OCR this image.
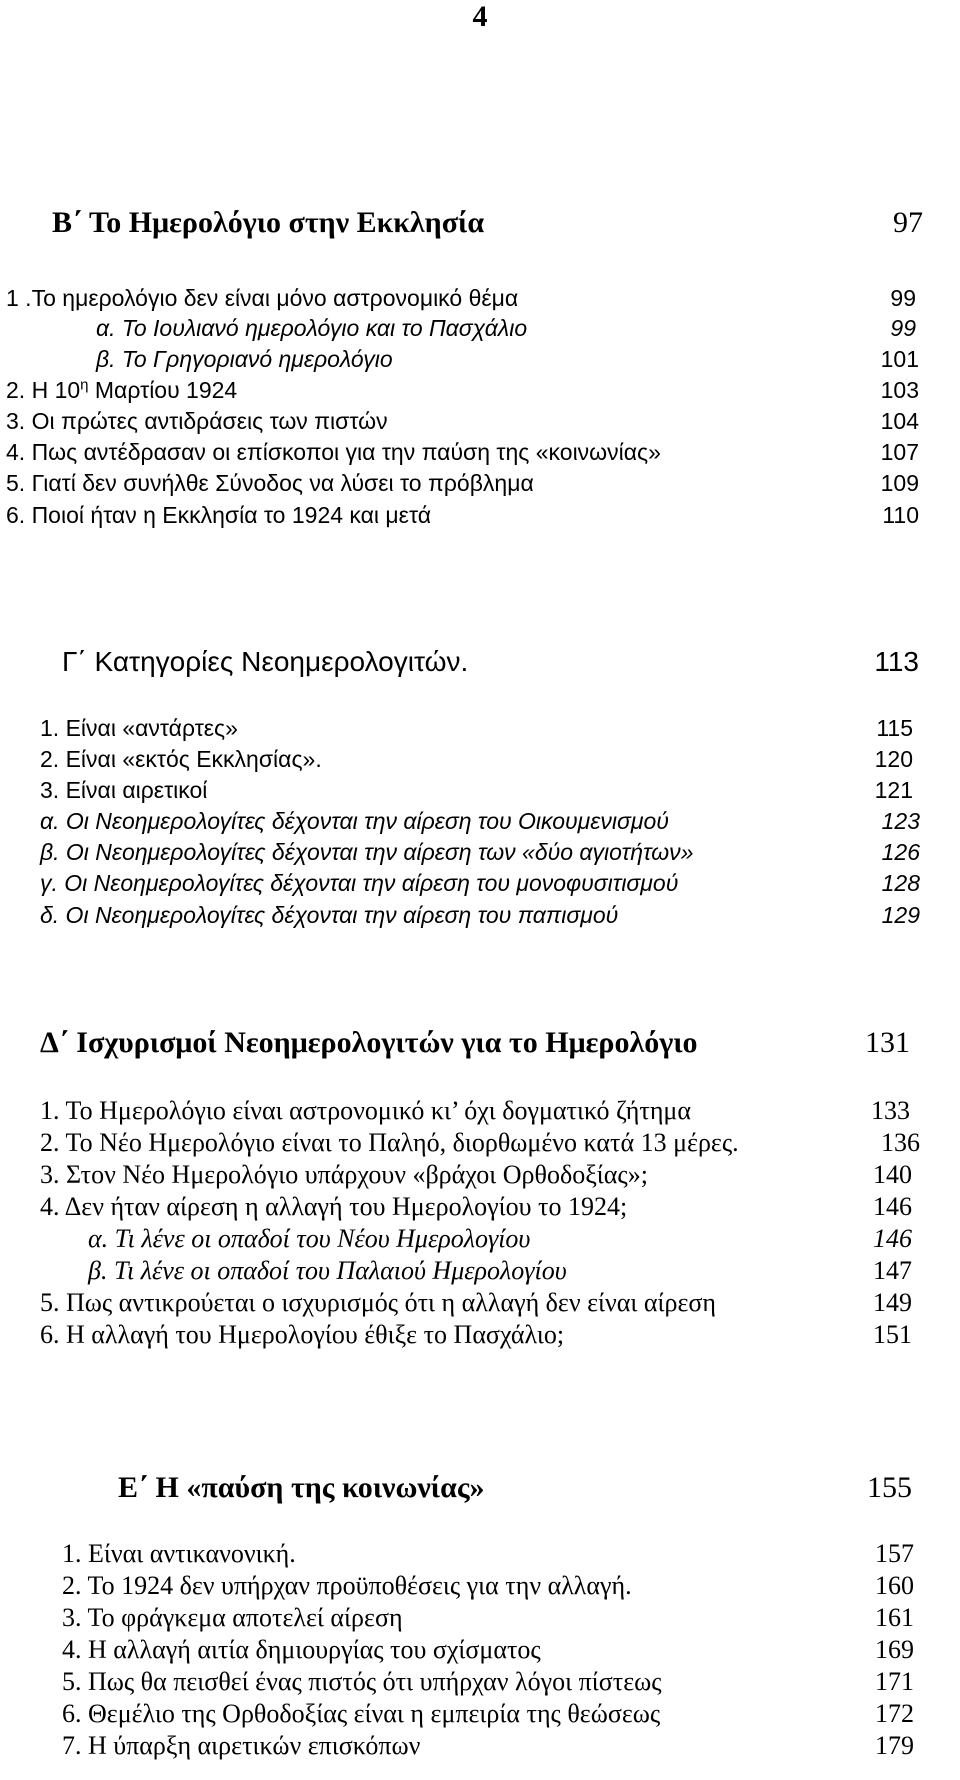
4
Β΄ Το Ημερολόγιο στην Εκκλησία	97
1 .Το ημερολόγιο δεν είναι μόνο αστρονομικό θέμα	99
α. Το Ιουλιανό ημερολόγιο και το Πασχάλιο	99
β. Το Γρηγοριανό ημερολόγιο	101
2. Η $10^\eta$ Μαρτίου 1924	103
3. Οι πρώτες αντιδράσεις των πιστών	104
4. Πως αντέδρασαν οι επίσκοποι για την παύση της «κοινωνίας»	107
5. Γιατί δεν συνήλθε Σύνοδος να λύσει το πρόβλημα	109
6. Ποιοί ήταν η Εκκλησία το 1924 και μετά	110
Γ΄ Κατηγορίες Νεοημερολογιτών.	113
1. Είναι «αντάρτες»	115
2. Είναι «εκτός Εκκλησίας».	120
3. Είναι αιρετικοί	121
α. Οι Νεοημερολογίτες δέχονται την αίρεση του Οικουμενισμού	123
β. Οι Νεοημερολογίτες δέχονται την αίρεση των «δύο αγιοτήτων»	126
γ. Οι Νεοημερολογίτες δέχονται την αίρεση του μονοφυσιτισμού	128
δ. Οι Νεοημερολογίτες δέχονται την αίρεση του παπισμού	129
Δ΄ Ισχυρισμοί Νεοημερολογιτών για το Ημερολόγιο	131
1. Το Ημερολόγιο είναι αστρονομικό κι’ όχι δογματικό ζήτημα	133
2. Το Νέο Ημερολόγιο είναι το Παληό, διορθωμένο κατά 13 μέρες.	136
3. Στον Νέο Ημερολόγιο υπάρχουν «βράχοι Ορθοδοξίας»;	140
4. Δεν ήταν αίρεση η αλλαγή του Ημερολογίου το 1924;	146
α. Τι λένε οι οπαδοί του Νέου Ημερολογίου	146
β. Τι λένε οι οπαδοί του Παλαιού Ημερολογίου	147
5. Πως αντικρούεται ο ισχυρισμός ότι η αλλαγή δεν είναι αίρεση	149
6. Η αλλαγή του Ημερολογίου έθιξε το Πασχάλιο;	151
Ε΄ Η «παύση της κοινωνίας»	155
1. Είναι αντικανονική.	157
2. Το 1924 δεν υπήρχαν προϋποθέσεις για την αλλαγή.	160
3. Το φράγκεμα αποτελεί αίρεση	161
4. Η αλλαγή αιτία δημιουργίας του σχίσματος	169
5. Πως θα πεισθεί ένας πιστός ότι υπήρχαν λόγοι πίστεως	171
6. Θεμέλιο της Ορθοδοξίας είναι η εμπειρία της θεώσεως	172
7. Η ύπαρξη αιρετικών επισκόπων	179
